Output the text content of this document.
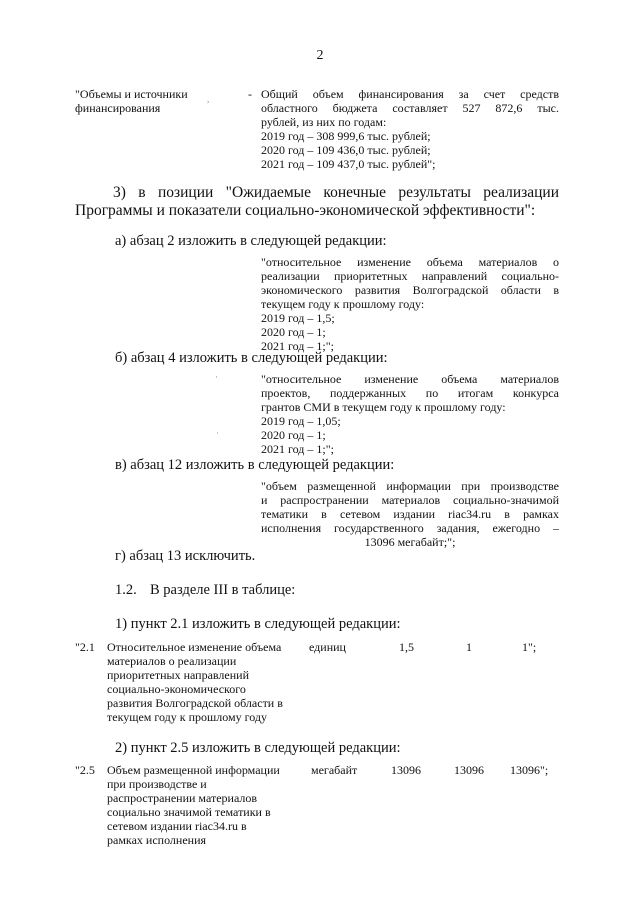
2
"Объемы и источники
финансирования
,	- Общий объем финансирования за счет средств
областного бюджета составляет 527 872,6 тыс.
рублей, из них по годам:
2019 год – 308 999,6 тыс. рублей;
2020 год – 109 436,0 тыс. рублей;
2021 год – 109 437,0 тыс. рублей";
3) в позиции "Ожидаемые конечные результаты реализации
Программы и показатели социально-экономической эффективности":
а) абзац 2 изложить в следующей редакции:
"относительное изменение объема материалов о
реализации приоритетных направлений социально-
экономического развития Волгоградской области в
текущем году к прошлому году:
2019 год – 1,5;
2020 год – 1;
2021 год – 1;";
б) абзац 4 изложить в следующей редакции:
·	"относительное изменение объема материалов
проектов, поддержанных по итогам конкурса
грантов СМИ в текущем году к прошлому году:
2019 год – 1,05;
2020 год – 1;
2021 год – 1;";
·
в) абзац 12 изложить в следующей редакции:
"объем размещенной информации при производстве
и распространении материалов социально-значимой
тематики в сетевом издании riac34.ru в рамках
исполнения государственного задания, ежегодно –
13096 мегабайт;";
г) абзац 13 исключить.
1.2. В разделе III в таблице:
1) пункт 2.1 изложить в следующей редакции:
"2.1 Относительное изменение объема
материалов о реализации
приоритетных направлений
социально-экономического
развития Волгоградской области в
текущем году к прошлому году
единиц	1,5	1	1";
2) пункт 2.5 изложить в следующей редакции:
"2.5 Объем размещенной информации
при производстве и
распространении материалов
социально значимой тематики в
сетевом издании riac34.ru в
рамках исполнения
мегабайт	13096	13096 13096";
